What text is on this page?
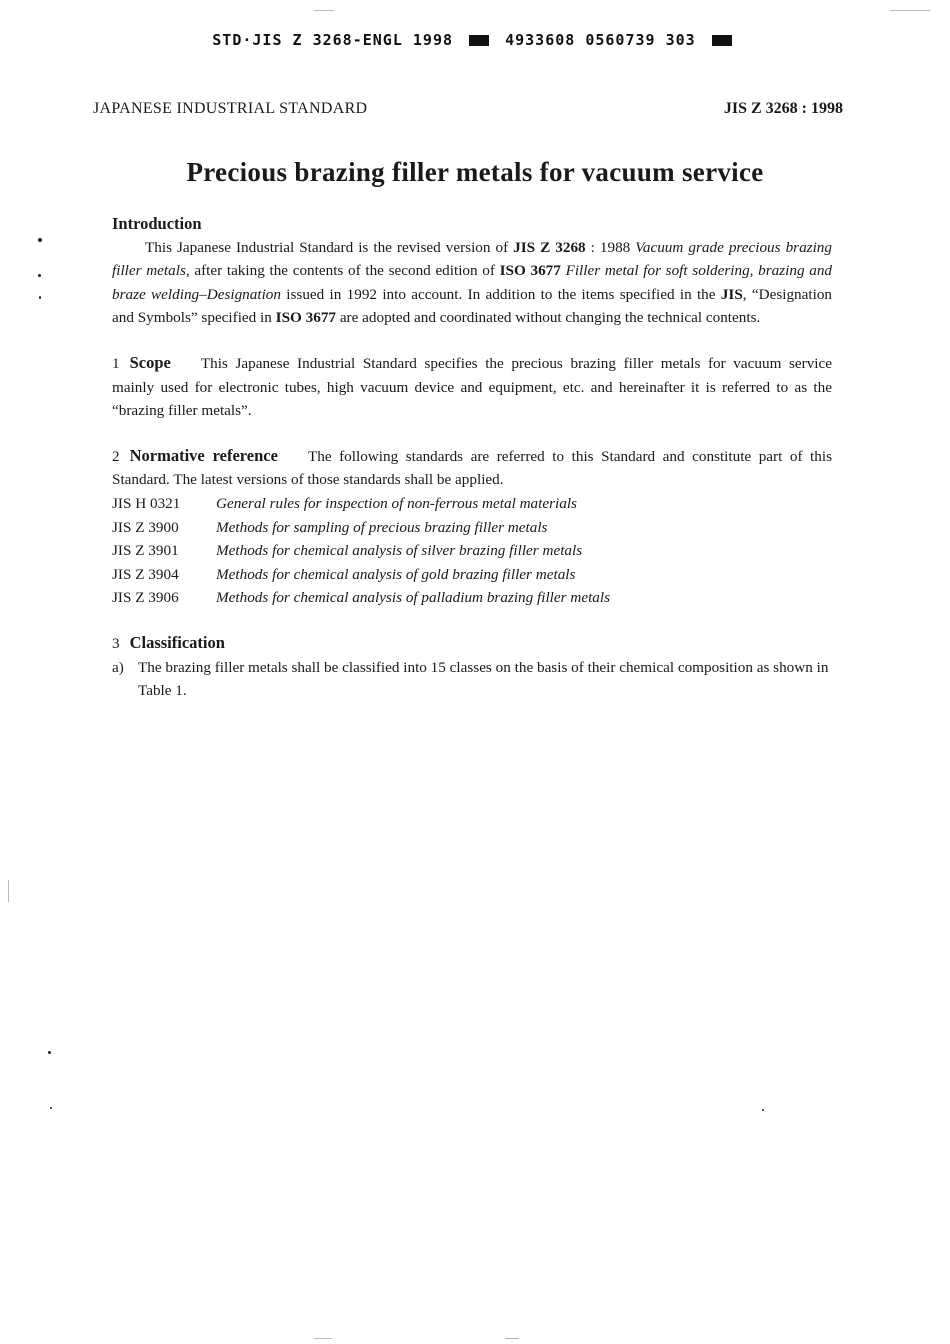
STD·JIS Z 3268-ENGL 1998	4933608 0560739 303
JAPANESE INDUSTRIAL STANDARD	JIS Z 3268 : 1998
Precious brazing filler metals for vacuum service
Introduction

This Japanese Industrial Standard is the revised version of JIS Z 3268 : 1988 Vacuum grade precious brazing filler metals, after taking the contents of the second edition of ISO 3677 Filler metal for soft soldering, brazing and braze welding–Designation issued in 1992 into account. In addition to the items specified in the JIS, “Designation and Symbols” specified in ISO 3677 are adopted and coordinated without changing the technical contents.

1 Scope This Japanese Industrial Standard specifies the precious brazing filler metals for vacuum service mainly used for electronic tubes, high vacuum device and equipment, etc. and hereinafter it is referred to as the “brazing filler metals”.

2 Normative reference The following standards are referred to this Standard and constitute part of this Standard. The latest versions of those standards shall be applied.

JIS H 0321	General rules for inspection of non-ferrous metal materials
JIS Z 3900	Methods for sampling of precious brazing filler metals
JIS Z 3901	Methods for chemical analysis of silver brazing filler metals
JIS Z 3904	Methods for chemical analysis of gold brazing filler metals
JIS Z 3906	Methods for chemical analysis of palladium brazing filler metals
3 Classification
a) The brazing filler metals shall be classified into 15 classes on the basis of their chemical composition as shown in Table 1.
